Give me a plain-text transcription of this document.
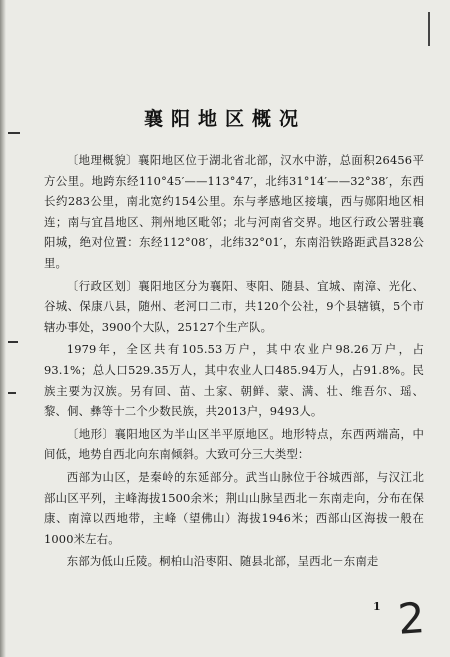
襄阳地区概况

〔地理概貌〕襄阳地区位于湖北省北部，汉水中游，总面积26456平方公里。地跨东经110°45′——113°47′，北纬31°14′——32°38′，东西长约283公里，南北宽约154公里。东与孝感地区接壤，西与郧阳地区相连；南与宜昌地区、荆州地区毗邻；北与河南省交界。地区行政公署驻襄阳城，绝对位置：东经112°08′，北纬32°01′，东南沿铁路距武昌328公里。

〔行政区划〕襄阳地区分为襄阳、枣阳、随县、宜城、南漳、光化、谷城、保康八县，随州、老河口二市，共120个公社，9个县辖镇，5个市辖办事处，3900个大队，25127个生产队。

1979年，全区共有105.53万户，其中农业户98.26万户，占93.1%；总人口529.35万人，其中农业人口485.94万人，占91.8%。民族主要为汉族。另有回、苗、土家、朝鲜、蒙、满、壮、维吾尔、瑶、黎、侗、彝等十二个少数民族，共2013户，9493人。

〔地形〕襄阳地区为半山区半平原地区。地形特点，东西两端高，中间低，地势自西北向东南倾斜。大致可分三大类型：

西部为山区，是秦岭的东延部分。武当山脉位于谷城西部，与汉江北部山区平列，主峰海拔1500余米；荆山山脉呈西北－东南走向，分布在保康、南漳以西地带，主峰（望佛山）海拔1946米；西部山区海拔一般在1000米左右。

东部为低山丘陵。桐柏山沿枣阳、随县北部，呈西北－东南走

1 2
